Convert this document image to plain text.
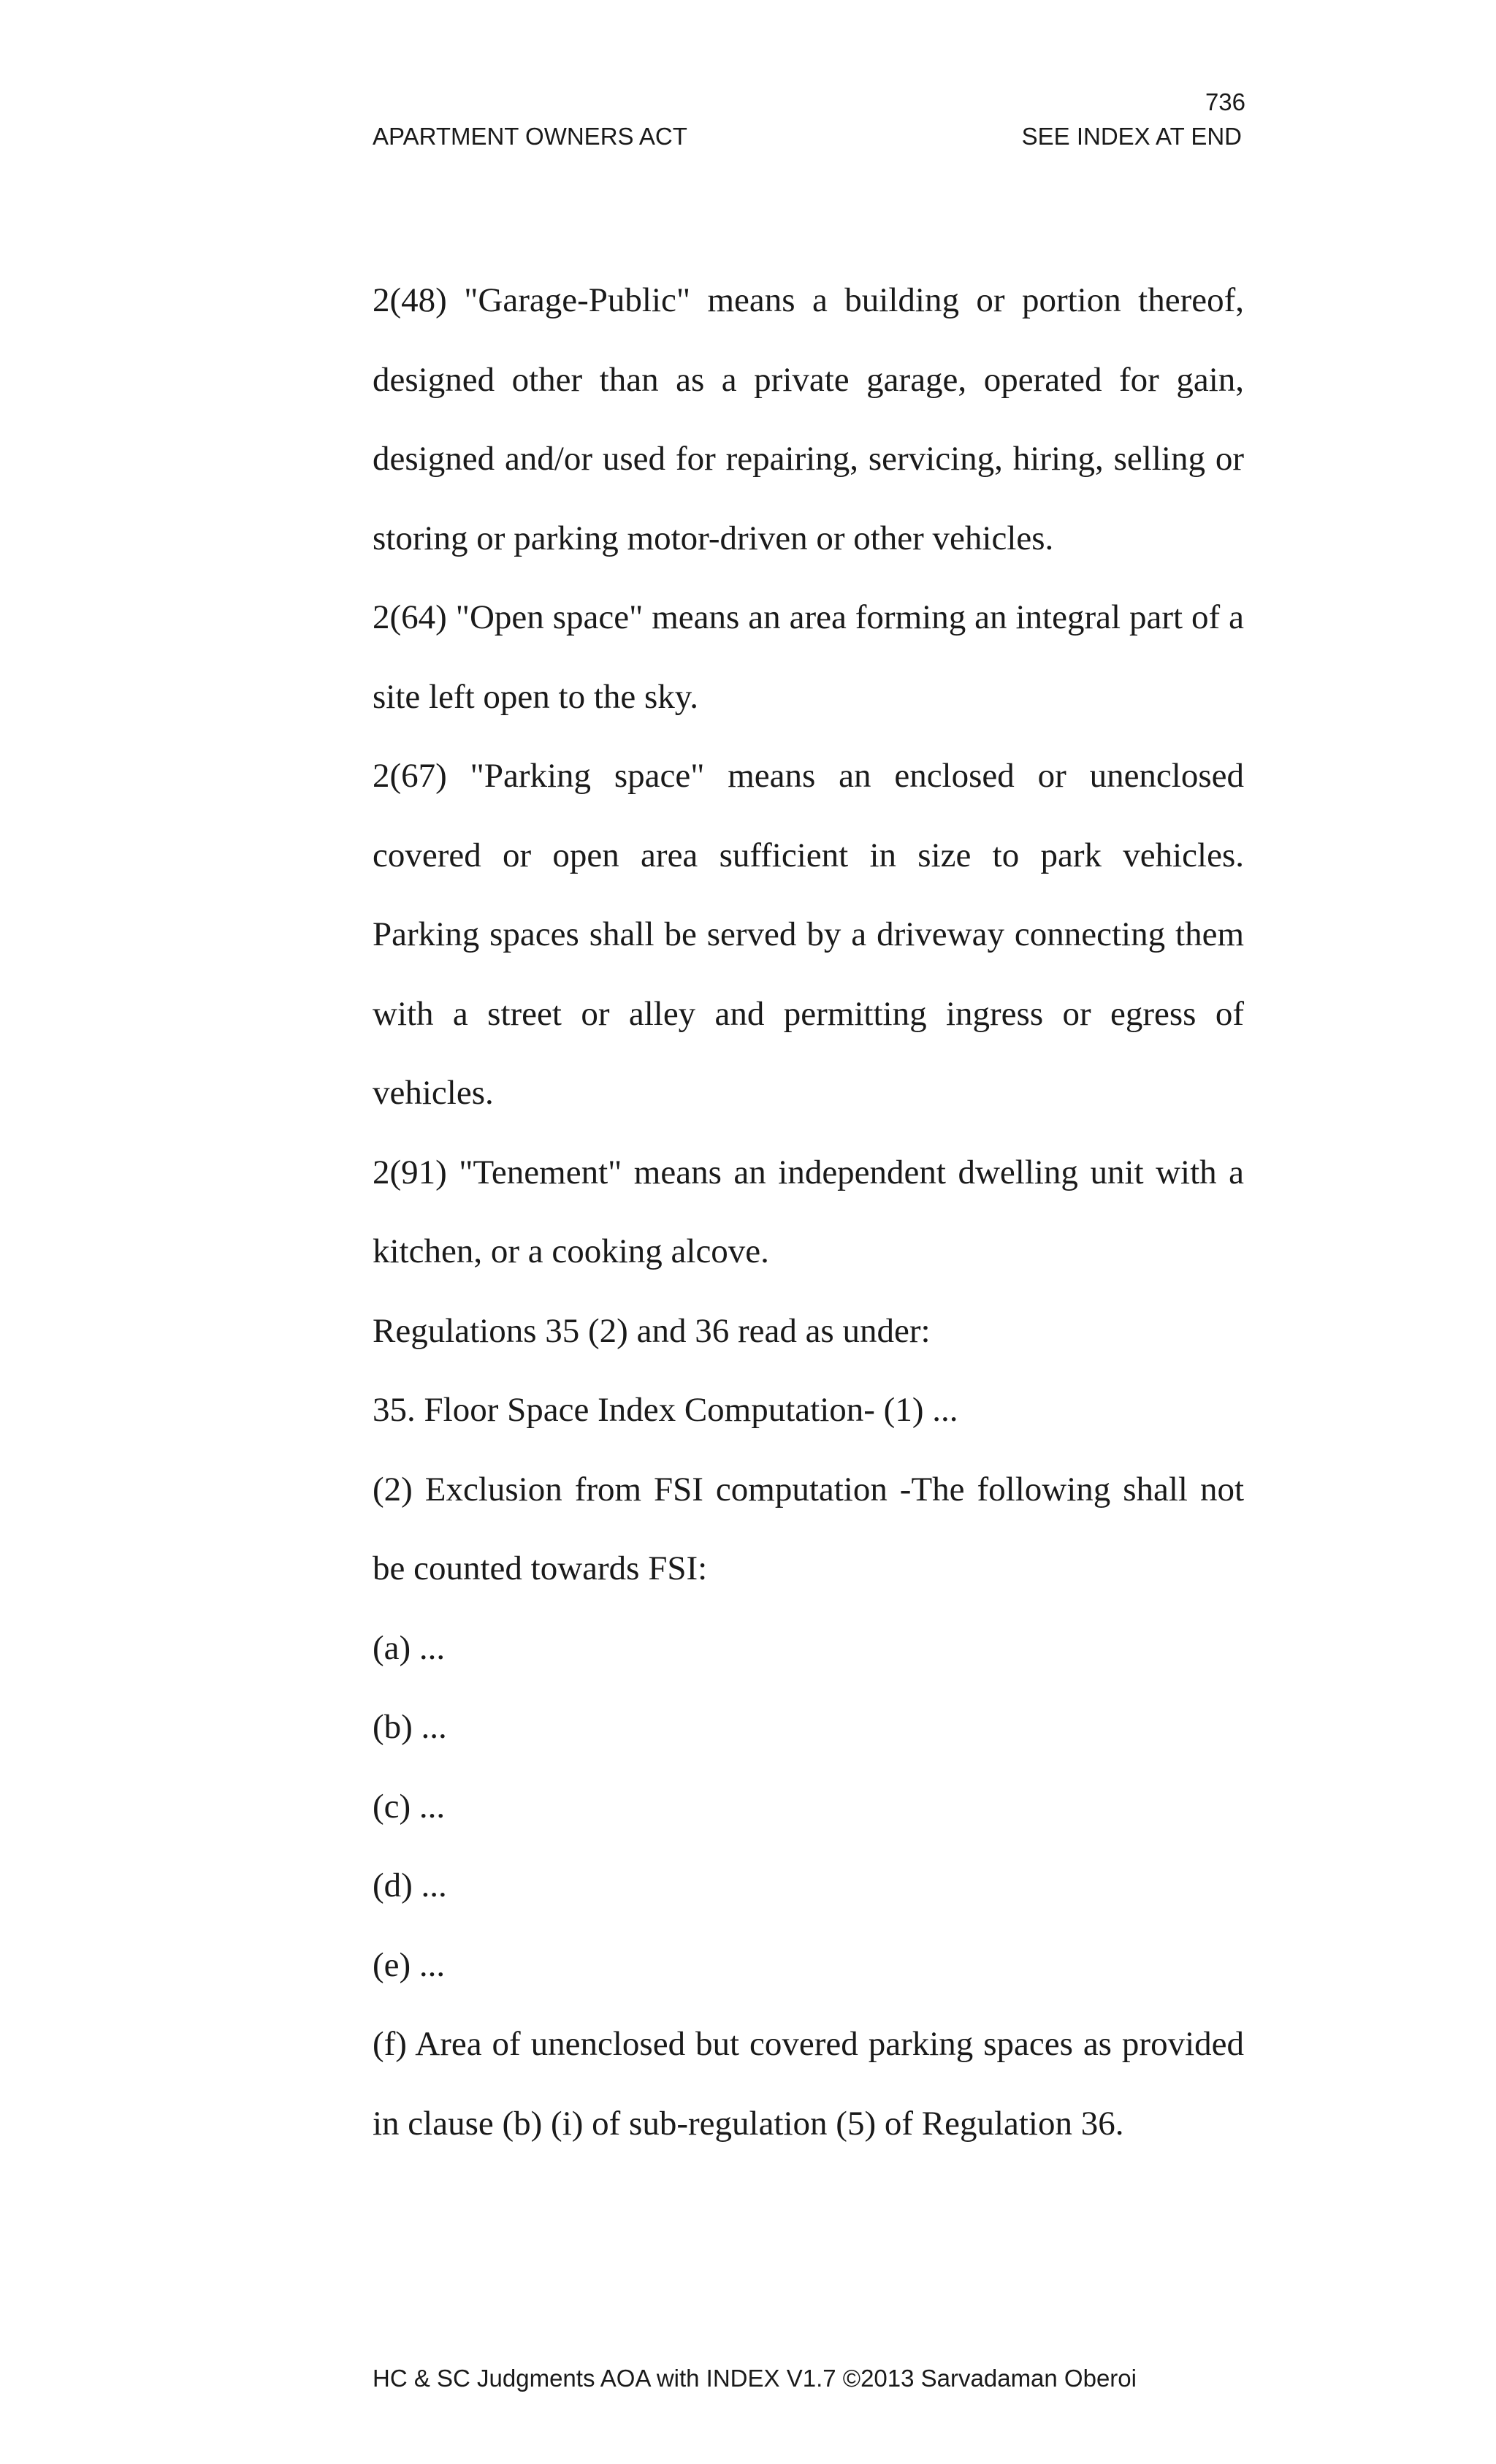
736
APARTMENT OWNERS ACT	SEE INDEX AT END

2(48) "Garage-Public" means a building or portion thereof, designed other than as a private garage, operated for gain, designed and/or used for repairing, servicing, hiring, selling or storing or parking motor-driven or other vehicles.

2(64) "Open space" means an area forming an integral part of a site left open to the sky.

2(67) "Parking space" means an enclosed or unenclosed covered or open area sufficient in size to park vehicles. Parking spaces shall be served by a driveway connecting them with a street or alley and permitting ingress or egress of vehicles.

2(91) "Tenement" means an independent dwelling unit with a kitchen, or a cooking alcove.

Regulations 35 (2) and 36 read as under:

35. Floor Space Index Computation- (1) ...

(2) Exclusion from FSI computation -The following shall not be counted towards FSI:

(a) ...

(b) ...

(c) ...

(d) ...

(e) ...

(f) Area of unenclosed but covered parking spaces as provided in clause (b) (i) of sub-regulation (5) of Regulation 36.

HC & SC Judgments AOA with INDEX V1.7 ©2013 Sarvadaman Oberoi
